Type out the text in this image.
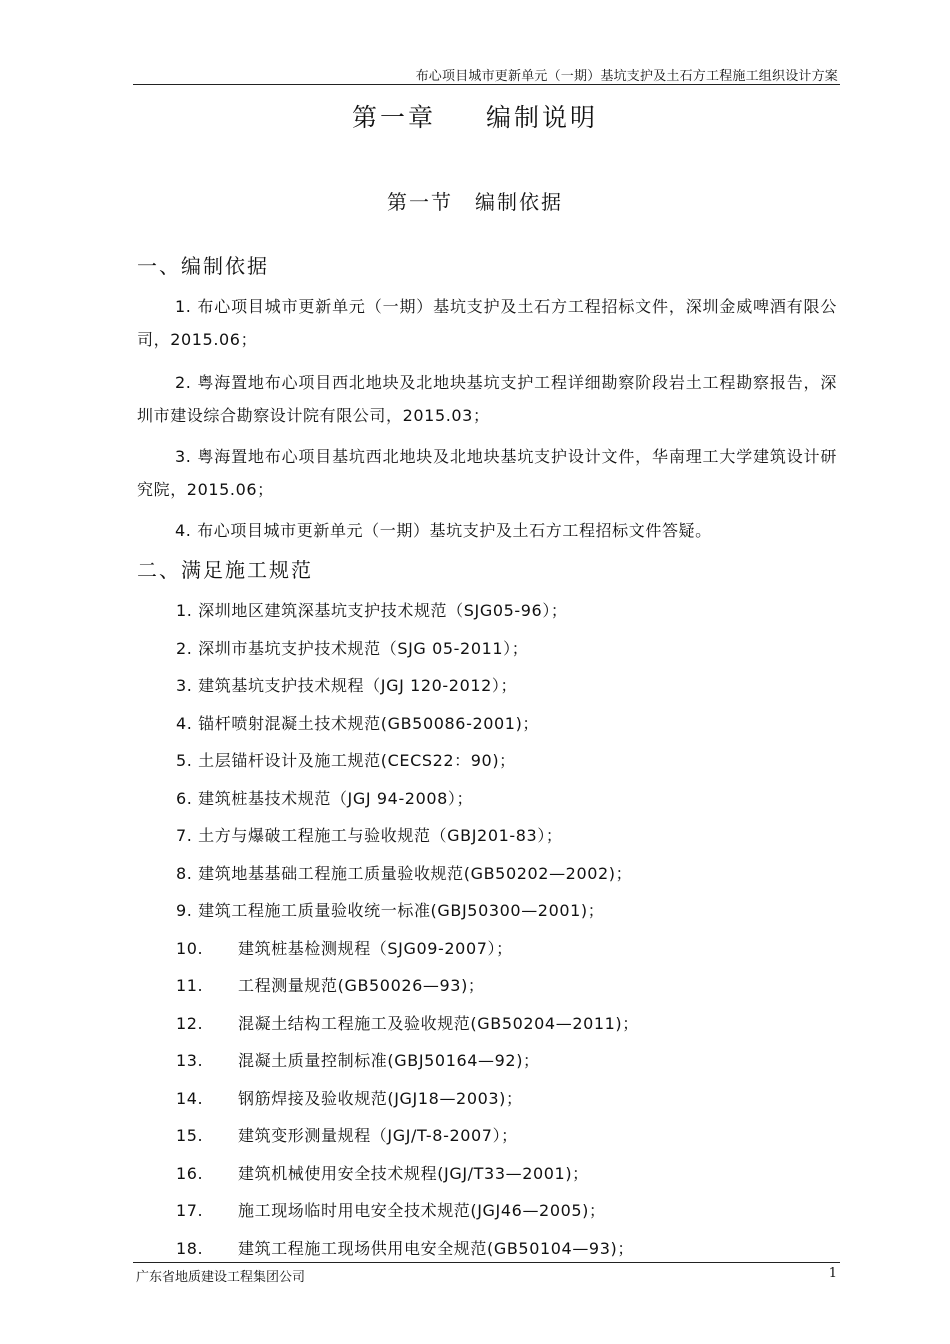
布心项目城市更新单元（一期）基坑支护及土石方工程施工组织设计方案
第一章 编制说明
第一节 编制依据
一、编制依据
1. 布心项目城市更新单元（一期）基坑支护及土石方工程招标文件，深圳金威啤酒有限公司，2015.06；
2. 粤海置地布心项目西北地块及北地块基坑支护工程详细勘察阶段岩土工程勘察报告，深圳市建设综合勘察设计院有限公司，2015.03；
3. 粤海置地布心项目基坑西北地块及北地块基坑支护设计文件，华南理工大学建筑设计研究院，2015.06；
4. 布心项目城市更新单元（一期）基坑支护及土石方工程招标文件答疑。
二、满足施工规范
1. 深圳地区建筑深基坑支护技术规范（SJG05-96）；
2. 深圳市基坑支护技术规范（SJG 05-2011）；
3. 建筑基坑支护技术规程（JGJ 120-2012）；
4. 锚杆喷射混凝土技术规范(GB50086-2001)；
5. 土层锚杆设计及施工规范(CECS22：90)；
6. 建筑桩基技术规范（JGJ 94-2008）；
7. 土方与爆破工程施工与验收规范（GBJ201-83）；
8. 建筑地基基础工程施工质量验收规范(GB50202—2002)；
9. 建筑工程施工质量验收统一标准(GBJ50300—2001)；
10. 建筑桩基检测规程（SJG09-2007）；
11. 工程测量规范(GB50026—93)；
12. 混凝土结构工程施工及验收规范(GB50204—2011)；
13. 混凝土质量控制标准(GBJ50164—92)；
14. 钢筋焊接及验收规范(JGJ18—2003)；
15. 建筑变形测量规程（JGJ/T-8-2007）；
16. 建筑机械使用安全技术规程(JGJ/T33—2001)；
17. 施工现场临时用电安全技术规范(JGJ46—2005)；
18. 建筑工程施工现场供用电安全规范(GB50104—93)；
广东省地质建设工程集团公司	1
